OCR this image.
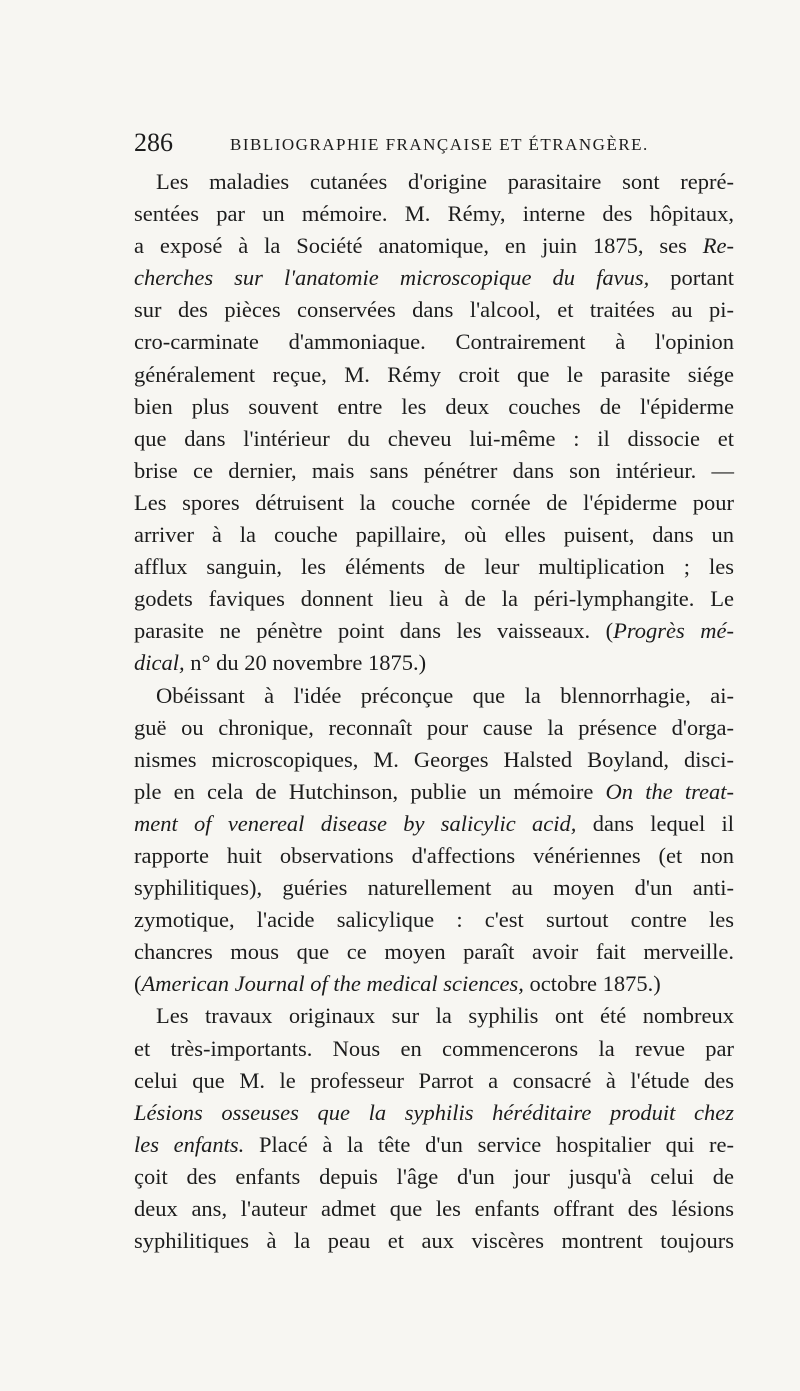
286	BIBLIOGRAPHIE FRANÇAISE ET ÉTRANGÈRE.
Les maladies cutanées d'origine parasitaire sont repré-
sentées par un mémoire. M. Rémy, interne des hôpitaux,
a exposé à la Société anatomique, en juin 1875, ses Re-
cherches sur l'anatomie microscopique du favus, portant
sur des pièces conservées dans l'alcool, et traitées au pi-
cro-carminate d'ammoniaque. Contrairement à l'opinion
généralement reçue, M. Rémy croit que le parasite siége
bien plus souvent entre les deux couches de l'épiderme
que dans l'intérieur du cheveu lui-même : il dissocie et
brise ce dernier, mais sans pénétrer dans son intérieur. —
Les spores détruisent la couche cornée de l'épiderme pour
arriver à la couche papillaire, où elles puisent, dans un
afflux sanguin, les éléments de leur multiplication ; les
godets faviques donnent lieu à de la péri-lymphangite. Le
parasite ne pénètre point dans les vaisseaux. (Progrès mé-
dical, n° du 20 novembre 1875.)
Obéissant à l'idée préconçue que la blennorrhagie, ai-
guë ou chronique, reconnaît pour cause la présence d'orga-
nismes microscopiques, M. Georges Halsted Boyland, disci-
ple en cela de Hutchinson, publie un mémoire On the treat-
ment of venereal disease by salicylic acid, dans lequel il
rapporte huit observations d'affections vénériennes (et non
syphilitiques), guéries naturellement au moyen d'un anti-
zymotique, l'acide salicylique : c'est surtout contre les
chancres mous que ce moyen paraît avoir fait merveille.
(American Journal of the medical sciences, octobre 1875.)
Les travaux originaux sur la syphilis ont été nombreux
et très-importants. Nous en commencerons la revue par
celui que M. le professeur Parrot a consacré à l'étude des
Lésions osseuses que la syphilis héréditaire produit chez
les enfants. Placé à la tête d'un service hospitalier qui re-
çoit des enfants depuis l'âge d'un jour jusqu'à celui de
deux ans, l'auteur admet que les enfants offrant des lésions
syphilitiques à la peau et aux viscères montrent toujours
